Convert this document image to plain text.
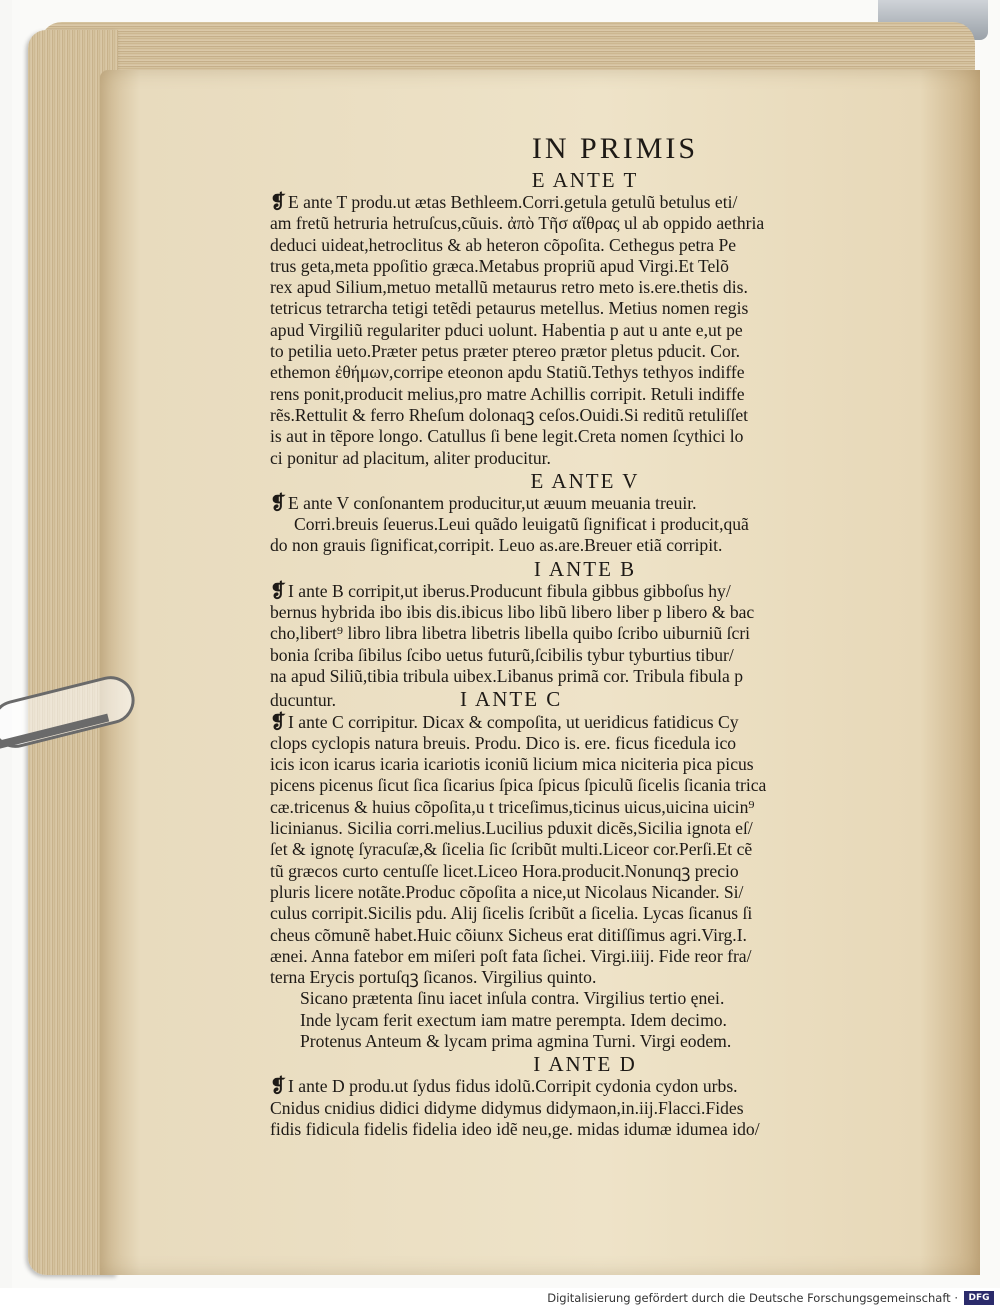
IN PRIMIS

E ANTE T

❡ E ante T produ.ut ætas Bethleem.Corri.getula getulũ betulus eti/

am fretũ hetruria hetruſcus,cũuis. ἀπὸ Τῆσ αἴθρας ul ab oppido aethria

deduci uideat,hetroclitus & ab heteron cõpoſita. Cethegus petra Pe

trus geta,meta ppoſitio græca.Metabus propriũ apud Virgi.Et Telõ

rex apud Silium,metuo metallũ metaurus retro meto is.ere.thetis dis.

tetricus tetrarcha tetigi tetẽdi petaurus metellus. Metius nomen regis

apud Virgiliũ regulariter pduci uolunt. Habentia p aut u ante e,ut pe

to petilia ueto.Præter petus præter ptereo prætor pletus pducit. Cor.

ethemon ἐθήμων,corripe eteonon apdu Statiũ.Tethys tethyos indiffe

rens ponit,producit melius,pro matre Achillis corripit. Retuli indiffe

rẽs.Rettulit & ferro Rheſum dolonaqꝫ ceſos.Ouidi.Si reditũ retuliſſet

is aut in tẽpore longo. Catullus ſi bene legit.Creta nomen ſcythici lo

ci ponitur ad placitum, aliter producitur.

E ANTE V

❡ E ante V conſonantem producitur,ut æuum meuania treuir.

Corri.breuis ſeuerus.Leui quãdo leuigatũ ſignificat i producit,quã

do non grauis ſignificat,corripit. Leuo as.are.Breuer etiã corripit.

I ANTE B

❡ I ante B corripit,ut iberus.Producunt fibula gibbus gibboſus hy/

bernus hybrida ibo ibis dis.ibicus libo libũ libero liber p libero & bac

cho,libert⁹ libro libra libetra libetris libella quibo ſcribo uiburniũ ſcri

bonia ſcriba ſibilus ſcibo uetus futurũ,ſcibilis tybur tyburtius tibur/

na apud Siliũ,tibia tribula uibex.Libanus primã cor. Tribula fibula p

ducuntur.	I ANTE C

❡ I ante C corripitur. Dicax & compoſita, ut ueridicus fatidicus Cy

clops cyclopis natura breuis. Produ. Dico is. ere. ficus ficedula ico

icis icon icarus icaria icariotis iconiũ licium mica niciteria pica picus

picens picenus ſicut ſica ſicarius ſpica ſpicus ſpiculũ ſicelis ſicania trica

cæ.tricenus & huius cõpoſita,u t triceſimus,ticinus uicus,uicina uicin⁹

licinianus. Sicilia corri.melius.Lucilius pduxit dicẽs,Sicilia ignota eſ/

ſet & ignotę ſyracuſæ,& ſicelia ſic ſcribũt multi.Liceor cor.Perſi.Et cẽ

tũ græcos curto centuſſe licet.Liceo Hora.producit.Nonunqꝫ precio

pluris licere notãte.Produc cõpoſita a nice,ut Nicolaus Nicander. Si/

culus corripit.Sicilis pdu. Alij ſicelis ſcribũt a ſicelia. Lycas ſicanus ſi

cheus cõmunẽ habet.Huic cõiunx Sicheus erat ditiſſimus agri.Virg.I.

ænei. Anna fatebor em miſeri poſt fata ſichei. Virgi.iiij. Fide reor fra/

terna Erycis portuſqꝫ ſicanos. Virgilius quinto.

Sicano prætenta ſinu iacet inſula contra. Virgilius tertio ęnei.

Inde lycam ferit exectum iam matre perempta. Idem decimo.

Protenus Anteum & lycam prima agmina Turni. Virgi eodem.

I ANTE D

❡ I ante D produ.ut ſydus fidus idolũ.Corripit cydonia cydon urbs.

Cnidus cnidius didici didyme didymus didymaon,in.iij.Flacci.Fides

fidis fidicula fidelis fidelia ideo idẽ neu,ge. midas idumæ idumea ido/

Digitalisierung gefördert durch die Deutsche Forschungsgemeinschaft ·	DFG
